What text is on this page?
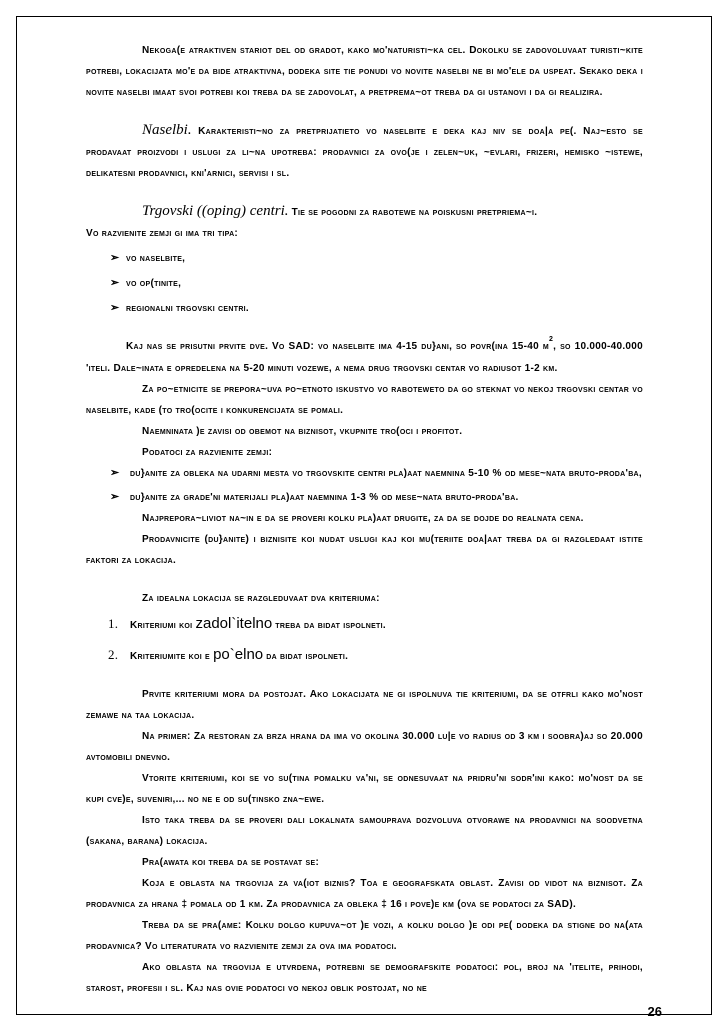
Nekoga(e atraktiven stariot del od gradot, kako mo'naturisti~ka cel. Dokolku se zadovoluvaat turisti~kite potrebi, lokacijata mo'e da bide atraktivna, dodeka site tie ponudi vo novite naselbi ne bi mo'ele da uspeat. Sekako deka i novite naselbi imaat svoi potrebi koi treba da se zadovolat, a pretprema~ot treba da gi ustanovi i da gi realizira.

Naselbi. Karakteristi~no za pretprijatieto vo naselbite e deka kaj niv se doa|a pe(. Naj~esto se prodavaat proizvodi i uslugi za li~na upotreba: prodavnici za ovo(je i zelen~uk, ~evlari, frizeri, hemisko ~istewe, delikatesni prodavnici, kni'arnici, servisi i sl.

Trgovski ((oping) centri. Tie se pogodni za rabotewe na poiskusni pretpriema~i.

Vo razvienite zemji gi ima tri tipa:

➢ vo naselbite,
➢ vo op(tinite,
➢ regionalni trgovski centri.

Kaj nas se prisutni prvite dve. Vo SAD: vo naselbite ima 4-15 du}ani, so povr(ina 15-40 $m^2$, so 10.000-40.000 'iteli. Dale~inata e opredelena na 5-20 minuti vozewe, a nema drug trgovski centar vo radiusot 1-2 km.

Za po~etnicite se prepora~uva po~etnoto iskustvo vo raboteweto da go steknat vo nekoj trgovski centar vo naselbite, kade (to tro(ocite i konkurencijata se pomali.

Naemninata )e zavisi od obemot na biznisot, vkupnite tro(oci i profitot.

Podatoci za razvienite zemji:

➢ du}anite za obleka na udarni mesta vo trgovskite centri pla)aat naemnina 5-10 % od mese~nata bruto-proda'ba,
➢ du}anite za grade'ni materijali pla)aat naemnina 1-3 % od mese~nata bruto-proda'ba.

Najprepora~liviot na~in e da se proveri kolku pla)aat drugite, za da se dojde do realnata cena.

Prodavnicite (du}anite) i biznisite koi nudat uslugi kaj koi mu(teriite doa|aat treba da gi razgledaat istite faktori za lokacija.

Za idealna lokacija se razgleduvaat dva kriteriuma:

1. Kriteriumi koi zadol`itelno treba da bidat ispolneti.
2. Kriteriumite koi e po`elno da bidat ispolneti.

Prvite kriteriumi mora da postojat. Ako lokacijata ne gi ispolnuva tie kriteriumi, da se otfrli kako mo'nost zemawe na taa lokacija.

Na primer: Za restoran za brza hrana da ima vo okolina 30.000 lu|e vo radius od 3 km i soobra)aj so 20.000 avtomobili dnevno.

Vtorite kriteriumi, koi se vo su(tina pomalku va'ni, se odnesuvaat na pridru'ni sodr'ini kako: mo'nost da se kupi cve)e, suveniri,... no ne e od su(tinsko zna~ewe.

Isto taka treba da se proveri dali lokalnata samouprava dozvoluva otvorawe na prodavnici na soodvetna (sakana, barana) lokacija.

Pra(awata koi treba da se postavat se:

Koja e oblasta na trgovija za va(iot biznis? Toa e geografskata oblast. Zavisi od vidot na biznisot. Za prodavnica za hrana ‡ pomala od 1 km. Za prodavnica za obleka ‡ 16 i pove)e km (ova se podatoci za SAD).

Treba da se pra(ame: Kolku dolgo kupuva~ot )e vozi, a kolku dolgo )e odi pe( dodeka da stigne do na(ata prodavnica? Vo literaturata vo razvienite zemji za ova ima podatoci.

Ako oblasta na trgovija e utvrdena, potrebni se demografskite podatoci: pol, broj na 'itelite, prihodi, starost, profesii i sl. Kaj nas ovie podatoci vo nekoj oblik postojat, no ne

26
